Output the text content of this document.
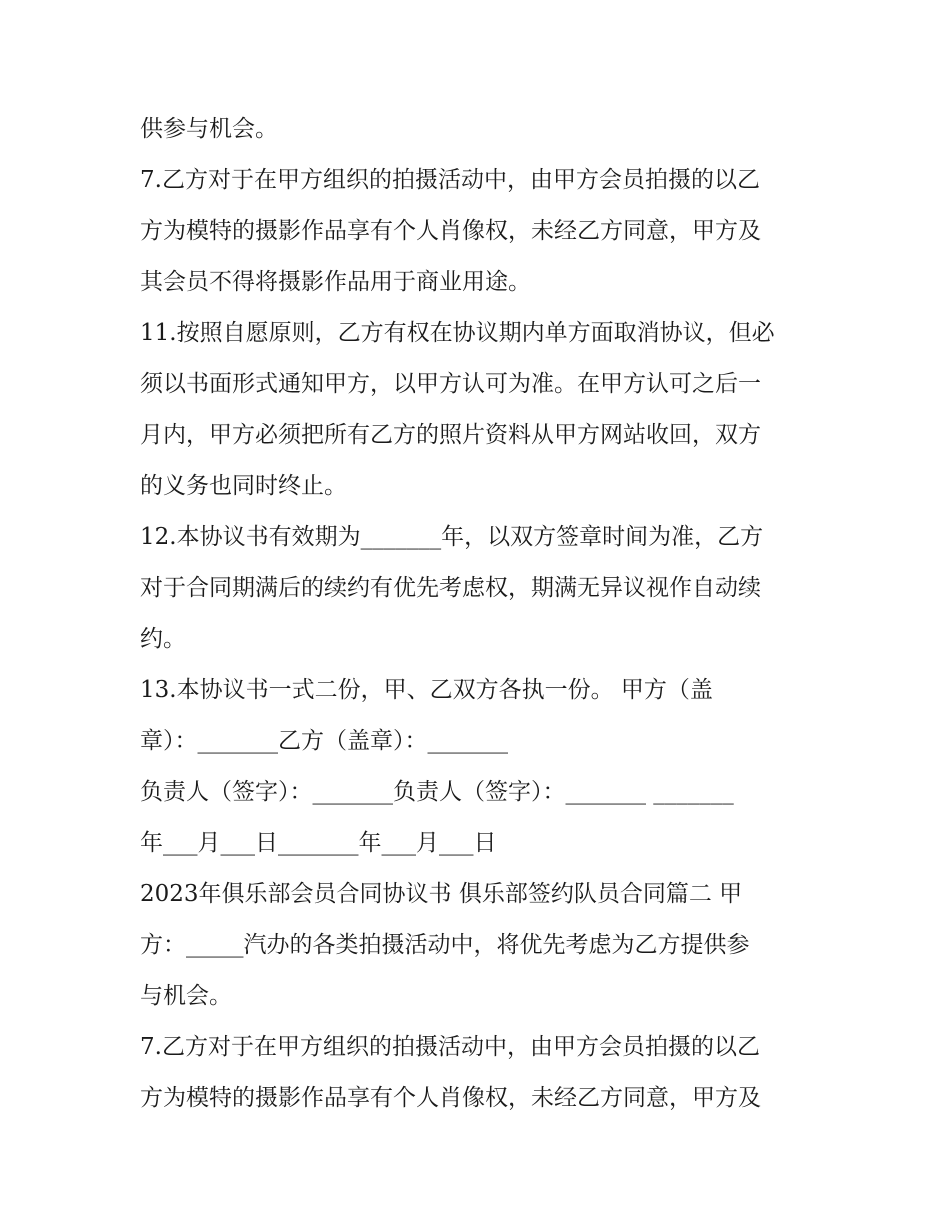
供参与机会。
7.乙方对于在甲方组织的拍摄活动中，由甲方会员拍摄的以乙
方为模特的摄影作品享有个人肖像权，未经乙方同意，甲方及
其会员不得将摄影作品用于商业用途。
11.按照自愿原则，乙方有权在协议期内单方面取消协议，但必
须以书面形式通知甲方，以甲方认可为准。在甲方认可之后一
月内，甲方必须把所有乙方的照片资料从甲方网站收回，双方
的义务也同时终止。
12.本协议书有效期为_______年，以双方签章时间为准，乙方
对于合同期满后的续约有优先考虑权，期满无异议视作自动续
约。
13.本协议书一式二份，甲、乙双方各执一份。 甲方（盖
章）：_______乙方（盖章）：_______
负责人（签字）：_______负责人（签字）：_______ _______
年___月___日_______年___月___日
2023年俱乐部会员合同协议书 俱乐部签约队员合同篇二 甲
方：_____汽办的各类拍摄活动中，将优先考虑为乙方提供参
与机会。
7.乙方对于在甲方组织的拍摄活动中，由甲方会员拍摄的以乙
方为模特的摄影作品享有个人肖像权，未经乙方同意，甲方及
